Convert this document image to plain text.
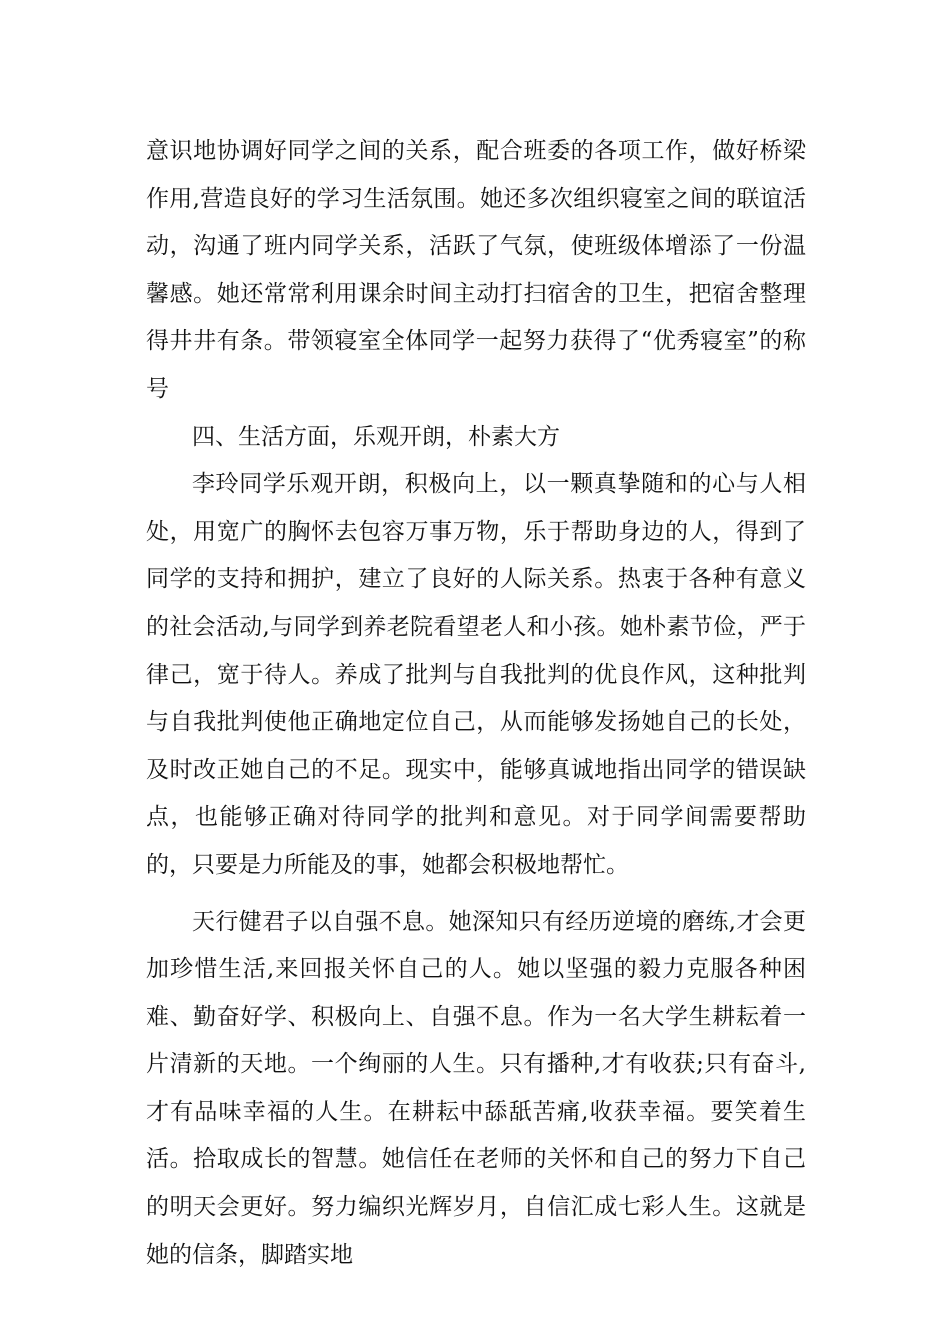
意识地协调好同学之间的关系，配合班委的各项工作，做好桥梁作用,营造良好的学习生活氛围。她还多次组织寝室之间的联谊活动，沟通了班内同学关系，活跃了气氛，使班级体增添了一份温馨感。她还常常利用课余时间主动打扫宿舍的卫生，把宿舍整理得井井有条。带领寝室全体同学一起努力获得了“优秀寝室”的称号

四、生活方面，乐观开朗，朴素大方

李玲同学乐观开朗，积极向上，以一颗真挚随和的心与人相处，用宽广的胸怀去包容万事万物，乐于帮助身边的人，得到了同学的支持和拥护，建立了良好的人际关系。热衷于各种有意义的社会活动,与同学到养老院看望老人和小孩。她朴素节俭，严于律己，宽于待人。养成了批判与自我批判的优良作风，这种批判与自我批判使他正确地定位自己，从而能够发扬她自己的长处，及时改正她自己的不足。现实中，能够真诚地指出同学的错误缺点，也能够正确对待同学的批判和意见。对于同学间需要帮助的，只要是力所能及的事，她都会积极地帮忙。

天行健君子以自强不息。她深知只有经历逆境的磨练,才会更加珍惜生活,来回报关怀自己的人。她以坚强的毅力克服各种困难、勤奋好学、积极向上、自强不息。作为一名大学生耕耘着一片清新的天地。一个绚丽的人生。只有播种,才有收获;只有奋斗,才有品味幸福的人生。在耕耘中舔舐苦痛,收获幸福。要笑着生活。拾取成长的智慧。她信任在老师的关怀和自己的努力下自己的明天会更好。努力编织光辉岁月，自信汇成七彩人生。这就是她的信条，脚踏实地
